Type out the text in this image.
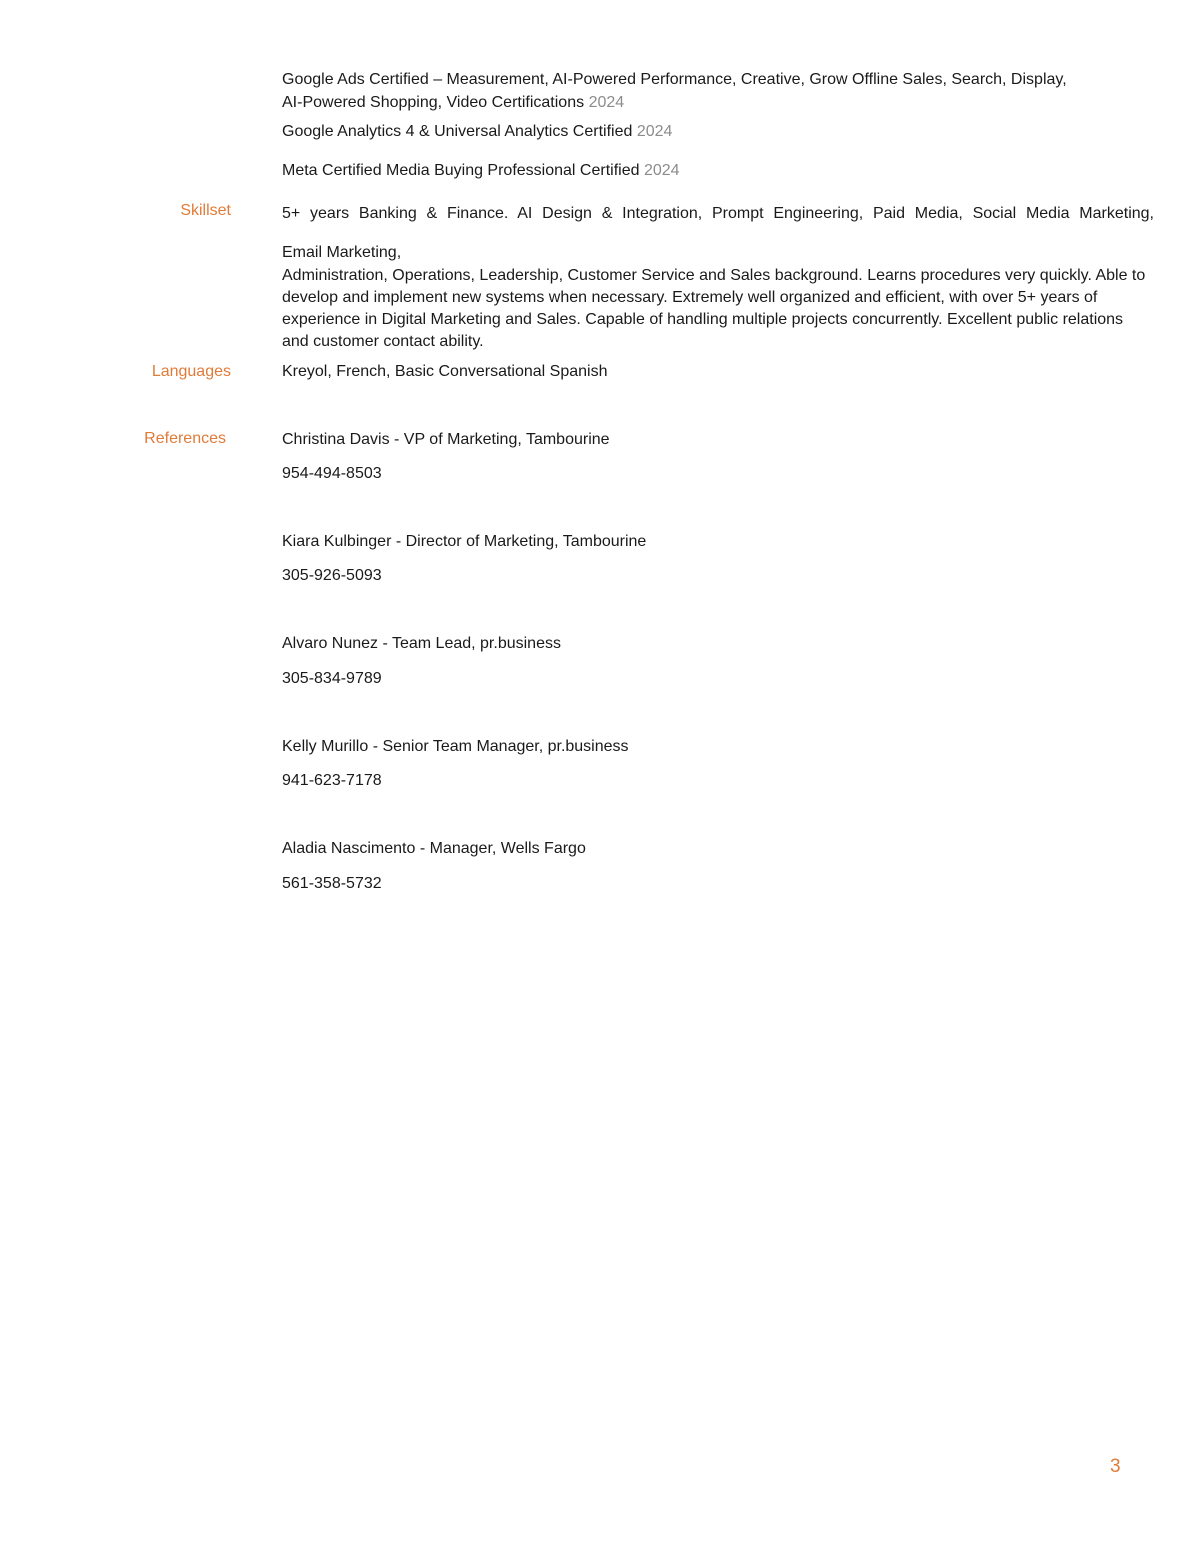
Google Ads Certified – Measurement, AI-Powered Performance, Creative, Grow Offline Sales, Search, Display,
AI-Powered Shopping, Video Certifications 2024
Google Analytics 4 & Universal Analytics Certified 2024
Meta Certified Media Buying Professional Certified 2024
Skillset	5+ years Banking & Finance. AI Design & Integration, Prompt Engineering, Paid Media, Social Media Marketing,
Email Marketing,
Administration, Operations, Leadership, Customer Service and Sales background. Learns procedures very quickly. Able to develop and implement new systems when necessary. Extremely well organized and efficient, with over 5+ years of experience in Digital Marketing and Sales. Capable of handling multiple projects concurrently. Excellent public relations and customer contact ability.
Languages	Kreyol, French, Basic Conversational Spanish
References	Christina Davis - VP of Marketing, Tambourine
954-494-8503
Kiara Kulbinger - Director of Marketing, Tambourine
305-926-5093
Alvaro Nunez - Team Lead, pr.business
305-834-9789
Kelly Murillo - Senior Team Manager, pr.business
941-623-7178
Aladia Nascimento - Manager, Wells Fargo
561-358-5732
3
